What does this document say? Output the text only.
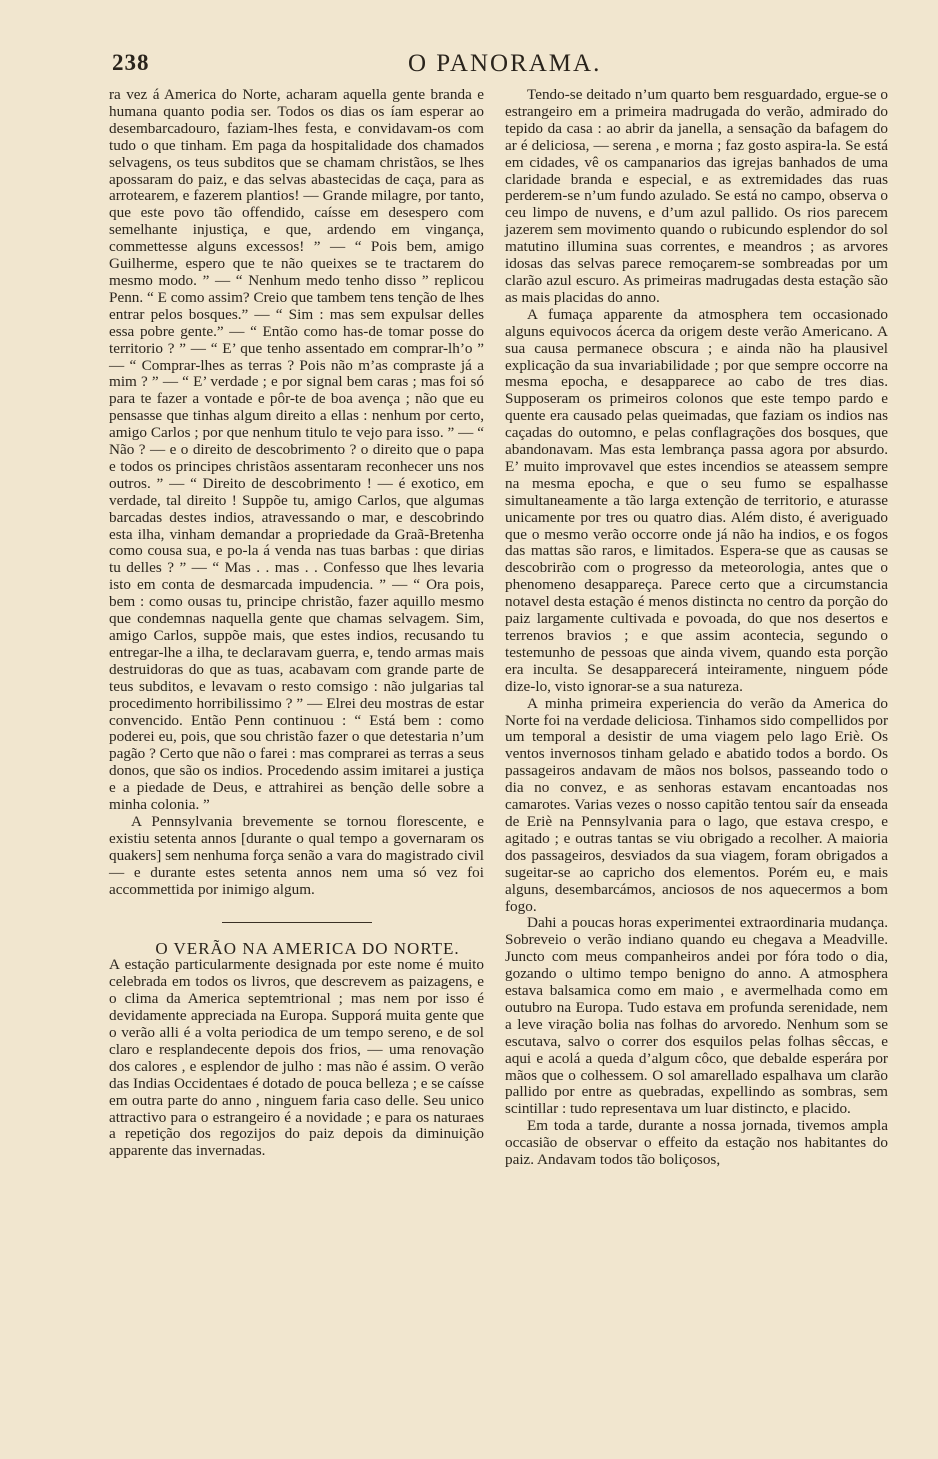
238	O PANORAMA.

ra vez á America do Norte, acharam aquella gente branda e humana quanto podia ser. Todos os dias os íam esperar ao desembarcadouro, faziam-lhes festa, e convidavam-os com tudo o que tinham. Em paga da hospitalidade dos chamados selvagens, os teus subditos que se chamam christãos, se lhes apossaram do paiz, e das selvas abastecidas de caça, para as arrotearem, e fazerem plantios! — Grande milagre, por tanto, que este povo tão offendido, caísse em desespero com semelhante injustiça, e que, ardendo em vingança, commettesse alguns excessos! ” — “ Pois bem, amigo Guilherme, espero que te não queixes se te tractarem do mesmo modo. ” — “ Nenhum medo tenho disso ” replicou Penn. “ E como assim? Creio que tambem tens tenção de lhes entrar pelos bosques.” — “ Sim : mas sem expulsar delles essa pobre gente.” — “ Então como has-de tomar posse do territorio ? ” — “ E’ que tenho assentado em comprar-lh’o ” — “ Comprar-lhes as terras ? Pois não m’as compraste já a mim ? ” — “ E’ verdade ; e por signal bem caras ; mas foi só para te fazer a vontade e pôr-te de boa avença ; não que eu pensasse que tinhas algum direito a ellas : nenhum por certo, amigo Carlos ; por que nenhum titulo te vejo para isso. ” — “ Não ? — e o direito de descobrimento ? o direito que o papa e todos os principes christãos assentaram reconhecer uns nos outros. ” — “ Direito de descobrimento ! — é exotico, em verdade, tal direito ! Suppõe tu, amigo Carlos, que algumas barcadas destes indios, atravessando o mar, e descobrindo esta ilha, vinham demandar a propriedade da Graã-Bretenha como cousa sua, e po-la á venda nas tuas barbas : que dirias tu delles ? ” — “ Mas . . mas . . Confesso que lhes levaria isto em conta de desmarcada impudencia. ” — “ Ora pois, bem : como ousas tu, principe christão, fazer aquillo mesmo que condemnas naquella gente que chamas selvagem. Sim, amigo Carlos, suppõe mais, que estes indios, recusando tu entregar-lhe a ilha, te declaravam guerra, e, tendo armas mais destruidoras do que as tuas, acabavam com grande parte de teus subditos, e levavam o resto comsigo : não julgarias tal procedimento horribilissimo ? ” — Elrei deu mostras de estar convencido. Então Penn continuou : “ Está bem : como poderei eu, pois, que sou christão fazer o que detestaria n’um pagão ? Certo que não o farei : mas comprarei as terras a seus donos, que são os indios. Procedendo assim imitarei a justiça e a piedade de Deus, e attrahirei as benção delle sobre a minha colonia. ”

A Pennsylvania brevemente se tornou florescente, e existiu setenta annos [durante o qual tempo a governaram os quakers] sem nenhuma força senão a vara do magistrado civil — e durante estes setenta annos nem uma só vez foi accommettida por inimigo algum.

O VERÃO NA AMERICA DO NORTE.

A estação particularmente designada por este nome é muito celebrada em todos os livros, que descrevem as paizagens, e o clima da America septemtrional ; mas nem por isso é devidamente appreciada na Europa. Supporá muita gente que o verão alli é a volta periodica de um tempo sereno, e de sol claro e resplandecente depois dos frios, — uma renovação dos calores , e esplendor de julho : mas não é assim. O verão das Indias Occidentaes é dotado de pouca belleza ; e se caísse em outra parte do anno , ninguem faria caso delle. Seu unico attractivo para o estrangeiro é a novidade ; e para os naturaes a repetição dos regozijos do paiz depois da diminuição apparente das invernadas.

Tendo-se deitado n’um quarto bem resguardado, ergue-se o estrangeiro em a primeira madrugada do verão, admirado do tepido da casa : ao abrir da janella, a sensação da bafagem do ar é deliciosa, — serena , e morna ; faz gosto aspira-la. Se está em cidades, vê os campanarios das igrejas banhados de uma claridade branda e especial, e as extremidades das ruas perderem-se n’um fundo azulado. Se está no campo, observa o ceu limpo de nuvens, e d’um azul pallido. Os rios parecem jazerem sem movimento quando o rubicundo esplendor do sol matutino illumina suas correntes, e meandros ; as arvores idosas das selvas parece remoçarem-se sombreadas por um clarão azul escuro. As primeiras madrugadas desta estação são as mais placidas do anno.

A fumaça apparente da atmosphera tem occasionado alguns equivocos ácerca da origem deste verão Americano. A sua causa permanece obscura ; e ainda não ha plausivel explicação da sua invariabilidade ; por que sempre occorre na mesma epocha, e desapparece ao cabo de tres dias. Supposeram os primeiros colonos que este tempo pardo e quente era causado pelas queimadas, que faziam os indios nas caçadas do outomno, e pelas conflagrações dos bosques, que abandonavam. Mas esta lembrança passa agora por absurdo. E’ muito improvavel que estes incendios se ateassem sempre na mesma epocha, e que o seu fumo se espalhasse simultaneamente a tão larga extenção de territorio, e aturasse unicamente por tres ou quatro dias. Além disto, é averiguado que o mesmo verão occorre onde já não ha indios, e os fogos das mattas são raros, e limitados. Espera-se que as causas se descobrirão com o progresso da meteorologia, antes que o phenomeno desappareça. Parece certo que a circumstancia notavel desta estação é menos distincta no centro da porção do paiz largamente cultivada e povoada, do que nos desertos e terrenos bravios ; e que assim acontecia, segundo o testemunho de pessoas que ainda vivem, quando esta porção era inculta. Se desapparecerá inteiramente, ninguem póde dize-lo, visto ignorar-se a sua natureza.

A minha primeira experiencia do verão da America do Norte foi na verdade deliciosa. Tinhamos sido compellidos por um temporal a desistir de uma viagem pelo lago Eriè. Os ventos invernosos tinham gelado e abatido todos a bordo. Os passageiros andavam de mãos nos bolsos, passeando todo o dia no convez, e as senhoras estavam encantoadas nos camarotes. Varias vezes o nosso capitão tentou saír da enseada de Eriè na Pennsylvania para o lago, que estava crespo, e agitado ; e outras tantas se viu obrigado a recolher. A maioria dos passageiros, desviados da sua viagem, foram obrigados a sugeitar-se ao capricho dos elementos. Porém eu, e mais alguns, desembarcámos, anciosos de nos aquecermos a bom fogo.

Dahi a poucas horas experimentei extraordinaria mudança. Sobreveio o verão indiano quando eu chegava a Meadville. Juncto com meus companheiros andei por fóra todo o dia, gozando o ultimo tempo benigno do anno. A atmosphera estava balsamica como em maio , e avermelhada como em outubro na Europa. Tudo estava em profunda serenidade, nem a leve viração bolia nas folhas do arvoredo. Nenhum som se escutava, salvo o correr dos esquilos pelas folhas sêccas, e aqui e acolá a queda d’algum côco, que debalde esperára por mãos que o colhessem. O sol amarellado espalhava um clarão pallido por entre as quebradas, expellindo as sombras, sem scintillar : tudo representava um luar distincto, e placido.

Em toda a tarde, durante a nossa jornada, tivemos ampla occasião de observar o effeito da estação nos habitantes do paiz. Andavam todos tão boliçosos,
